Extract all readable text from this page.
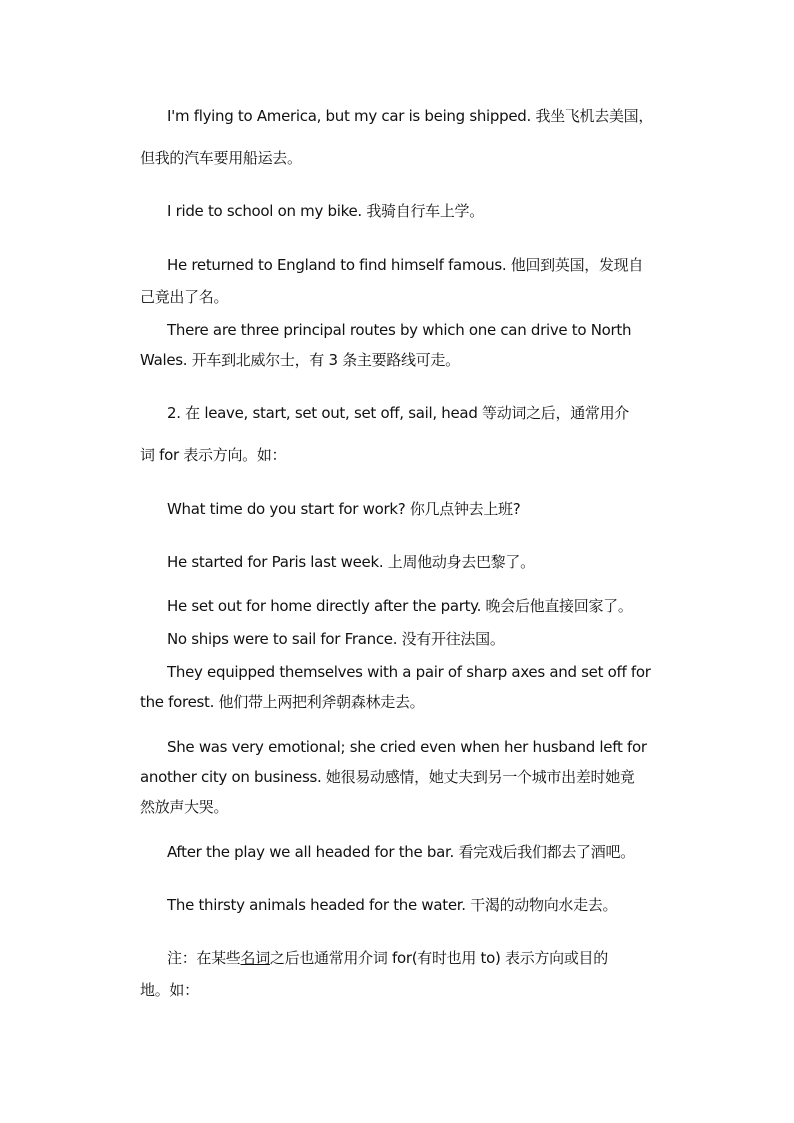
I'm flying to America, but my car is being shipped. 我坐飞机去美国，

但我的汽车要用船运去。

I ride to school on my bike. 我骑自行车上学。

He returned to England to find himself famous. 他回到英国，发现自

己竟出了名。

There are three principal routes by which one can drive to North

Wales. 开车到北威尔士，有 3 条主要路线可走。

2. 在 leave, start, set out, set off, sail, head 等动词之后，通常用介

词 for 表示方向。如：

What time do you start for work? 你几点钟去上班?

He started for Paris last week. 上周他动身去巴黎了。

He set out for home directly after the party. 晚会后他直接回家了。

No ships were to sail for France. 没有开往法国。

They equipped themselves with a pair of sharp axes and set off for

the forest. 他们带上两把利斧朝森林走去。

She was very emotional; she cried even when her husband left for

another city on business. 她很易动感情，她丈夫到另一个城市出差时她竟

然放声大哭。

After the play we all headed for the bar. 看完戏后我们都去了酒吧。

The thirsty animals headed for the water. 干渴的动物向水走去。

注：在某些名词之后也通常用介词 for(有时也用 to) 表示方向或目的

地。如：
